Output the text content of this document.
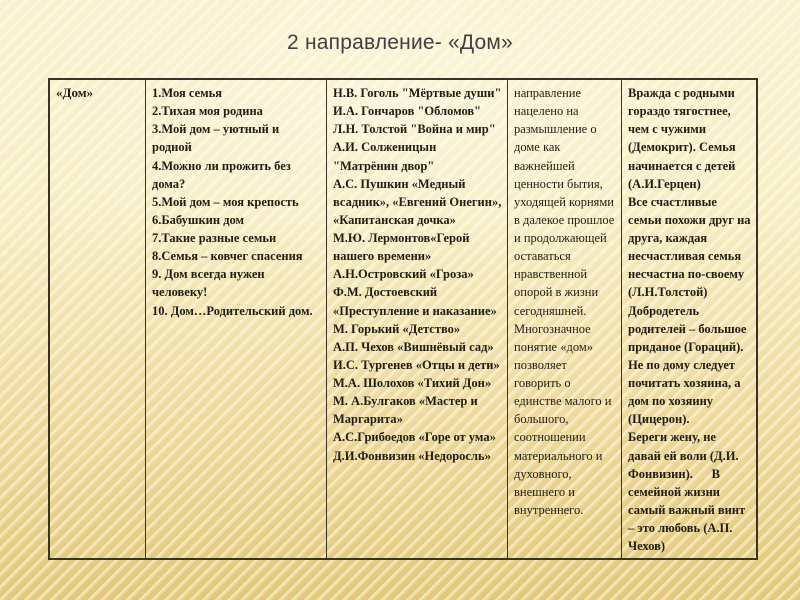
2 направление- «Дом»
«Дом»	1.Моя семья
2.Тихая моя родина
3.Мой дом – уютный и родной
4.Можно ли прожить без дома?
5.Мой дом – моя крепость
6.Бабушкин дом
7.Такие разные семьи
8.Семья – ковчег спасения
9. Дом всегда нужен человеку!
10. Дом…Родительский дом.
Н.В. Гоголь "Мёртвые души"
И.А. Гончаров "Обломов"
Л.Н. Толстой "Война и мир"
А.И. Солженицын "Матрёнин двор"
А.С. Пушкин «Медный всадник», «Евгений Онегин», «Капитанская дочка»
М.Ю. Лермонтов«Герой нашего времени»
А.Н.Островский «Гроза»
Ф.М. Достоевский «Преступление и наказание»
М. Горький «Детство»
А.П. Чехов «Вишнёвый сад»
И.С. Тургенев «Отцы и дети»
М.А. Шолохов «Тихий Дон»
М. А.Булгаков «Мастер и Маргарита»
А.С.Грибоедов «Горе от ума»
Д.И.Фонвизин «Недоросль»
направление нацелено на размышление о доме как важнейшей ценности бытия, уходящей корнями в далекое прошлое и продолжающей оставаться нравственной опорой в жизни сегодняшней. Многозначное понятие «дом» позволяет говорить о единстве малого и большого, соотношении материального и духовного, внешнего и внутреннего.
Вражда с родными гораздо тягостнее, чем с чужими (Демокрит). Семья начинается с детей (А.И.Герцен)
Все счастливые семьи похожи друг на друга, каждая несчастливая семья несчастна по-своему (Л.Н.Толстой)
Добродетель родителей – большое приданое (Гораций).
Не по дому следует почитать хозяина, а дом по хозяину (Цицерон).
Береги жену, не давай ей воли (Д.И. Фонвизин).      В семейной жизни самый важный винт – это любовь (А.П. Чехов)
